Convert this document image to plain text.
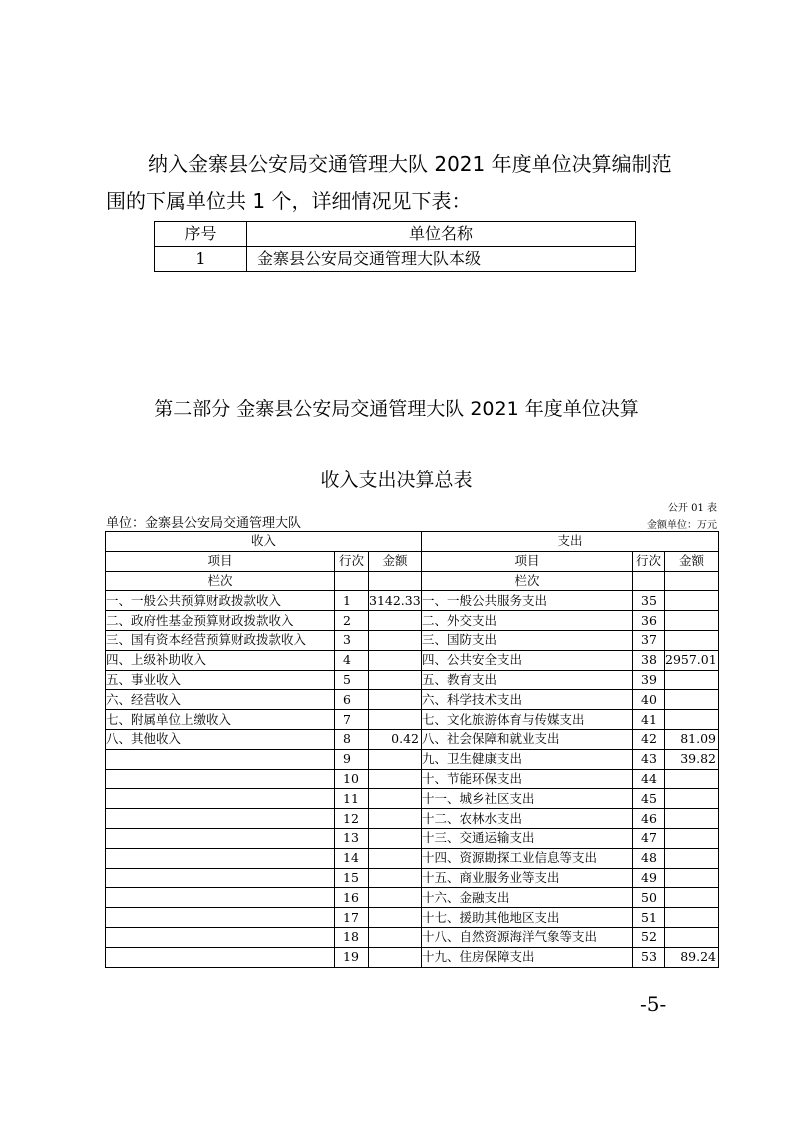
纳入金寨县公安局交通管理大队 2021 年度单位决算编制范
围的下属单位共 1 个，详细情况见下表：
序号	单位名称
1	金寨县公安局交通管理大队本级
第二部分 金寨县公安局交通管理大队 2021 年度单位决算
收入支出决算总表
公开 01 表
单位：金寨县公安局交通管理大队	金额单位：万元
收入			支出		
项目	行次	金额	项目	行次	金额
栏次			栏次		
一、一般公共预算财政拨款收入	1	3142.33	一、一般公共服务支出	35	
二、政府性基金预算财政拨款收入	2		二、外交支出	36	
三、国有资本经营预算财政拨款收入	3		三、国防支出	37	
四、上级补助收入	4		四、公共安全支出	38	2957.01
五、事业收入	5		五、教育支出	39	
六、经营收入	6		六、科学技术支出	40	
七、附属单位上缴收入	7		七、文化旅游体育与传媒支出	41	
八、其他收入	8	0.42	八、社会保障和就业支出	42	81.09
	9		九、卫生健康支出	43	39.82
	10		十、节能环保支出	44	
	11		十一、城乡社区支出	45	
	12		十二、农林水支出	46	
	13		十三、交通运输支出	47	
	14		十四、资源勘探工业信息等支出	48	
	15		十五、商业服务业等支出	49	
	16		十六、金融支出	50	
	17		十七、援助其他地区支出	51	
	18		十八、自然资源海洋气象等支出	52	
	19		十九、住房保障支出	53	89.24
-5-
